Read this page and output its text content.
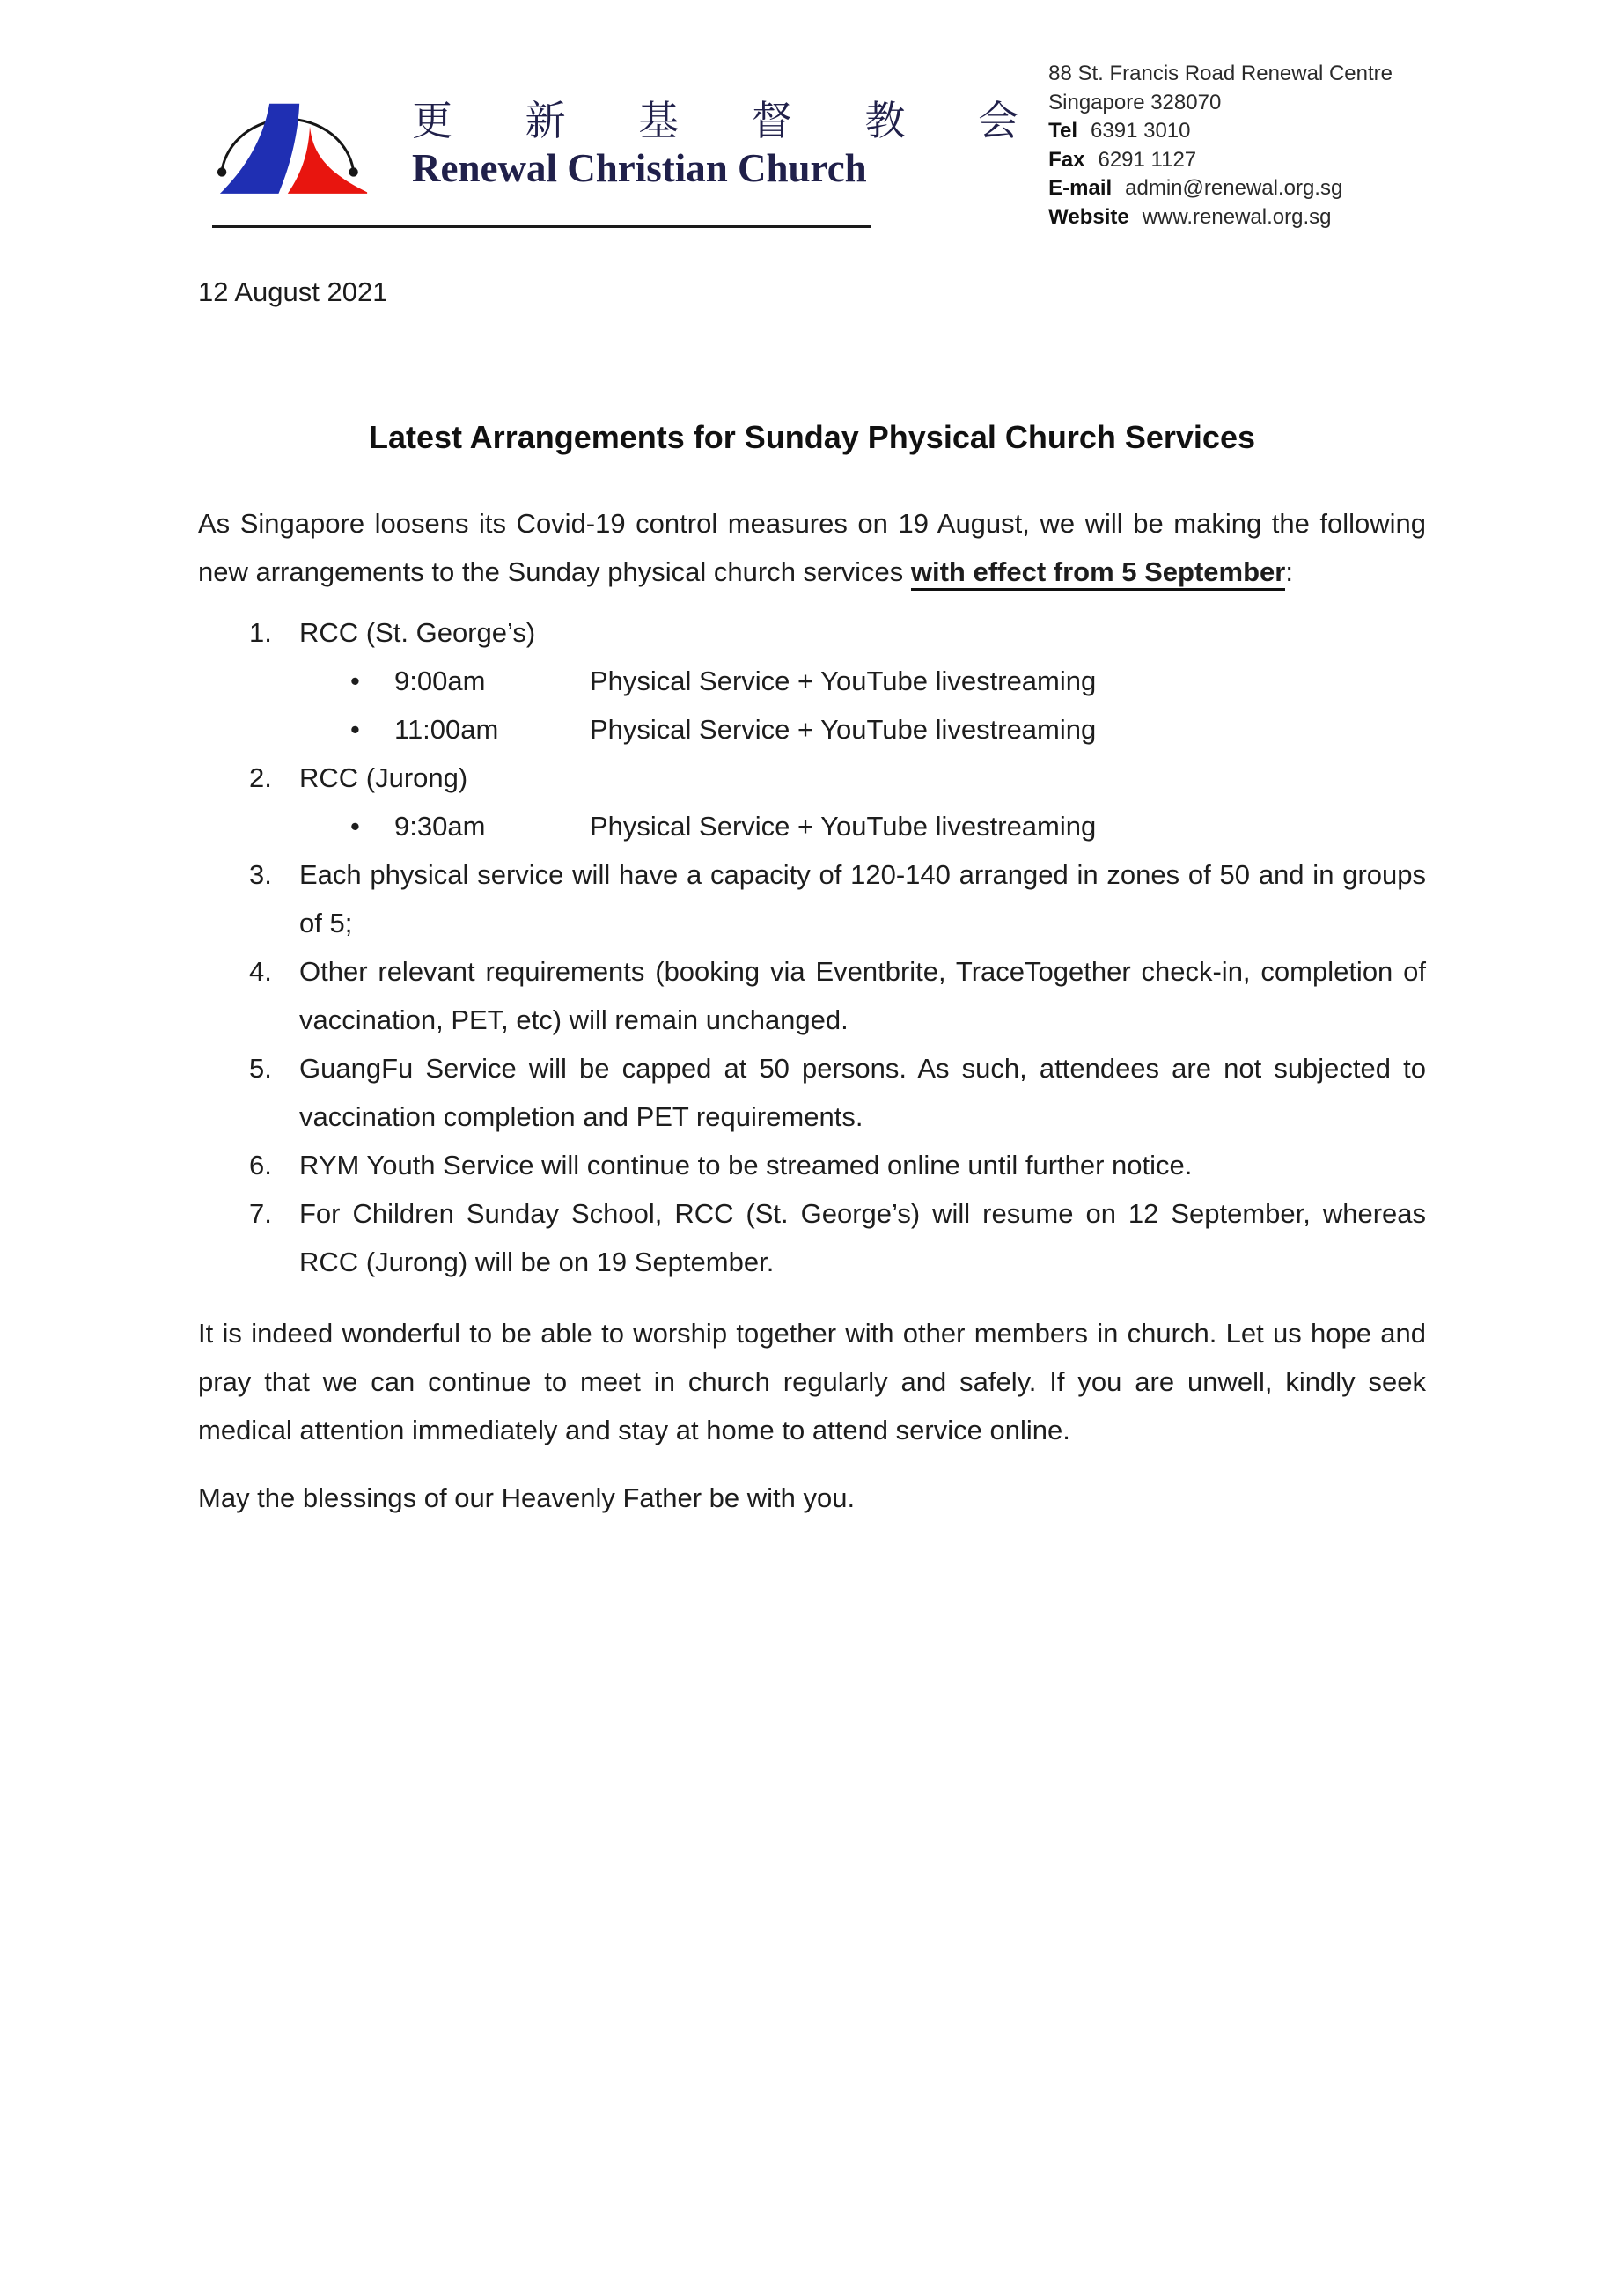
更 新 基 督 教 会
Renewal Christian Church
88 St. Francis Road Renewal Centre
Singapore 328070
Tel 6391 3010
Fax 6291 1127
E-mail admin@renewal.org.sg
Website www.renewal.org.sg
12 August 2021
Latest Arrangements for Sunday Physical Church Services
As Singapore loosens its Covid-19 control measures on 19 August, we will be making the following new arrangements to the Sunday physical church services with effect from 5 September:
1.	RCC (St. George’s)
•	9:00am	Physical Service + YouTube livestreaming
•	11:00am	Physical Service + YouTube livestreaming
2.	RCC (Jurong)
•	9:30am	Physical Service + YouTube livestreaming
3.	Each physical service will have a capacity of 120-140 arranged in zones of 50 and in groups of 5;
4.	Other relevant requirements (booking via Eventbrite, TraceTogether check-in, completion of vaccination, PET, etc) will remain unchanged.
5.	GuangFu Service will be capped at 50 persons. As such, attendees are not subjected to vaccination completion and PET requirements.
6.	RYM Youth Service will continue to be streamed online until further notice.
7.	For Children Sunday School, RCC (St. George’s) will resume on 12 September, whereas RCC (Jurong) will be on 19 September.
It is indeed wonderful to be able to worship together with other members in church. Let us hope and pray that we can continue to meet in church regularly and safely. If you are unwell, kindly seek medical attention immediately and stay at home to attend service online.
May the blessings of our Heavenly Father be with you.
